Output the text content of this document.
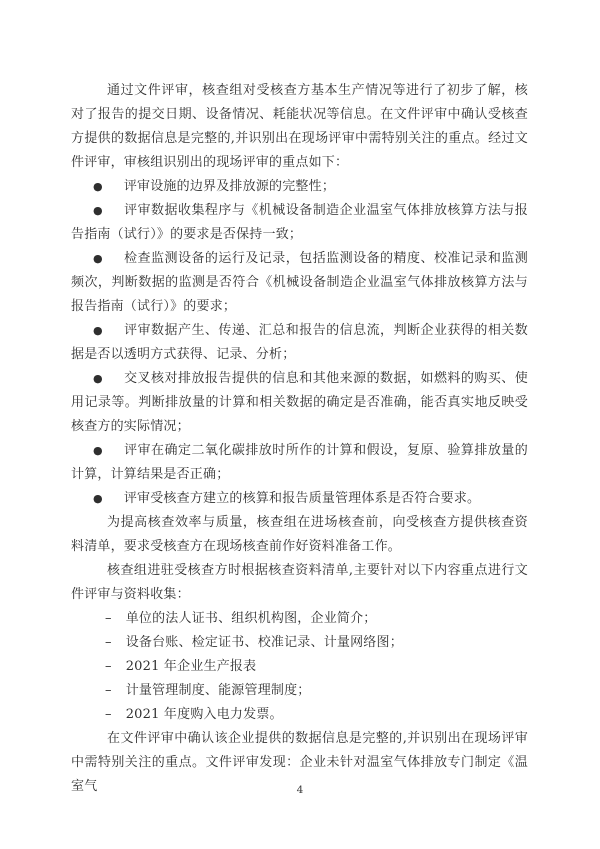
通过文件评审，核查组对受核查方基本生产情况等进行了初步了解，核对了报告的提交日期、设备情况、耗能状况等信息。在文件评审中确认受核查方提供的数据信息是完整的,并识别出在现场评审中需特别关注的重点。经过文件评审，审核组识别出的现场评审的重点如下：

● 评审设施的边界及排放源的完整性；

● 评审数据收集程序与《机械设备制造企业温室气体排放核算方法与报告指南（试行）》的要求是否保持一致；

● 检查监测设备的运行及记录，包括监测设备的精度、校准记录和监测频次，判断数据的监测是否符合《机械设备制造企业温室气体排放核算方法与报告指南（试行）》的要求；

● 评审数据产生、传递、汇总和报告的信息流，判断企业获得的相关数据是否以透明方式获得、记录、分析；

● 交叉核对排放报告提供的信息和其他来源的数据，如燃料的购买、使用记录等。判断排放量的计算和相关数据的确定是否准确，能否真实地反映受核查方的实际情况；

● 评审在确定二氧化碳排放时所作的计算和假设，复原、验算排放量的计算，计算结果是否正确；

● 评审受核查方建立的核算和报告质量管理体系是否符合要求。

为提高核查效率与质量，核查组在进场核查前，向受核查方提供核查资料清单，要求受核查方在现场核查前作好资料准备工作。

核查组进驻受核查方时根据核查资料清单,主要针对以下内容重点进行文件评审与资料收集：

– 单位的法人证书、组织机构图，企业简介；

– 设备台账、检定证书、校准记录、计量网络图；

– 2021 年企业生产报表

– 计量管理制度、能源管理制度；

– 2021 年度购入电力发票。

在文件评审中确认该企业提供的数据信息是完整的,并识别出在现场评审中需特别关注的重点。文件评审发现：企业未针对温室气体排放专门制定《温室气	4
